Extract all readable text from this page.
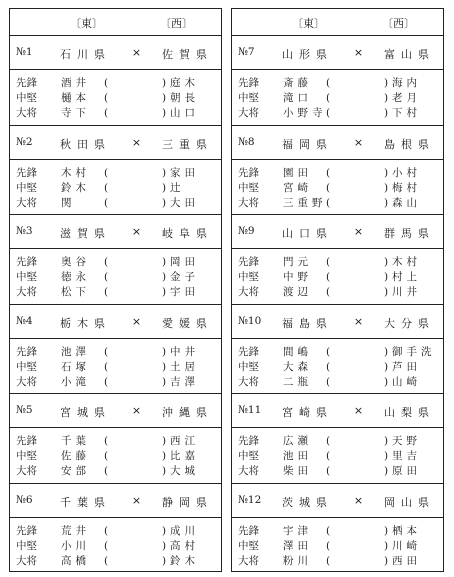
〔東〕	〔西〕
№1 石川県 × 佐賀県
先鋒 酒井 (	) 庭木
中堅 樋本 (	) 朝長
大将 寺下 (	) 山口
№2 秋田県 × 三重県
先鋒 木村 (	) 家田
中堅 鈴木 (	) 辻
大将 関	(	) 大田
№3 滋賀県 × 岐阜県
先鋒 奥谷 (	) 岡田
中堅 徳永 (	) 金子
大将 松下 (	) 宇田
№4 栃木県 × 愛媛県
先鋒 池澤 (	) 中井
中堅 石塚 (	) 土居
大将 小滝 (	) 吉澤
№5 宮城県 × 沖縄県
先鋒 千葉 (	) 西江
中堅 佐藤 (	) 比嘉
大将 安部 (	) 大城
№6 千葉県 × 静岡県
先鋒 荒井 (	) 成川
中堅 小川 (	) 高村
大将 高橋 (	) 鈴木
〔東〕	〔西〕
№7 山形県 × 富山県
先鋒 斎藤 (	) 海内
中堅 滝口 (	) 老月
大将 小野寺 (	) 下村
№8 福岡県 × 島根県
先鋒 園田 (	) 小村
中堅 宮崎 (	) 梅村
大将 三重野 (	) 森山
№9 山口県 × 群馬県
先鋒 門元 (	) 木村
中堅 中野 (	) 村上
大将 渡辺 (	) 川井
№10 福島県 × 大分県
先鋒 間嶋 (	) 御手洗
中堅 大森 (	) 芦田
大将 二瓶 (	) 山崎
№11 宮崎県 × 山梨県
先鋒 広瀬 (	) 天野
中堅 池田 (	) 里吉
大将 柴田 (	) 原田
№12 茨城県 × 岡山県
先鋒 宇津 (	) 栖本
中堅 澤田 (	) 川崎
大将 粉川 (	) 西田
